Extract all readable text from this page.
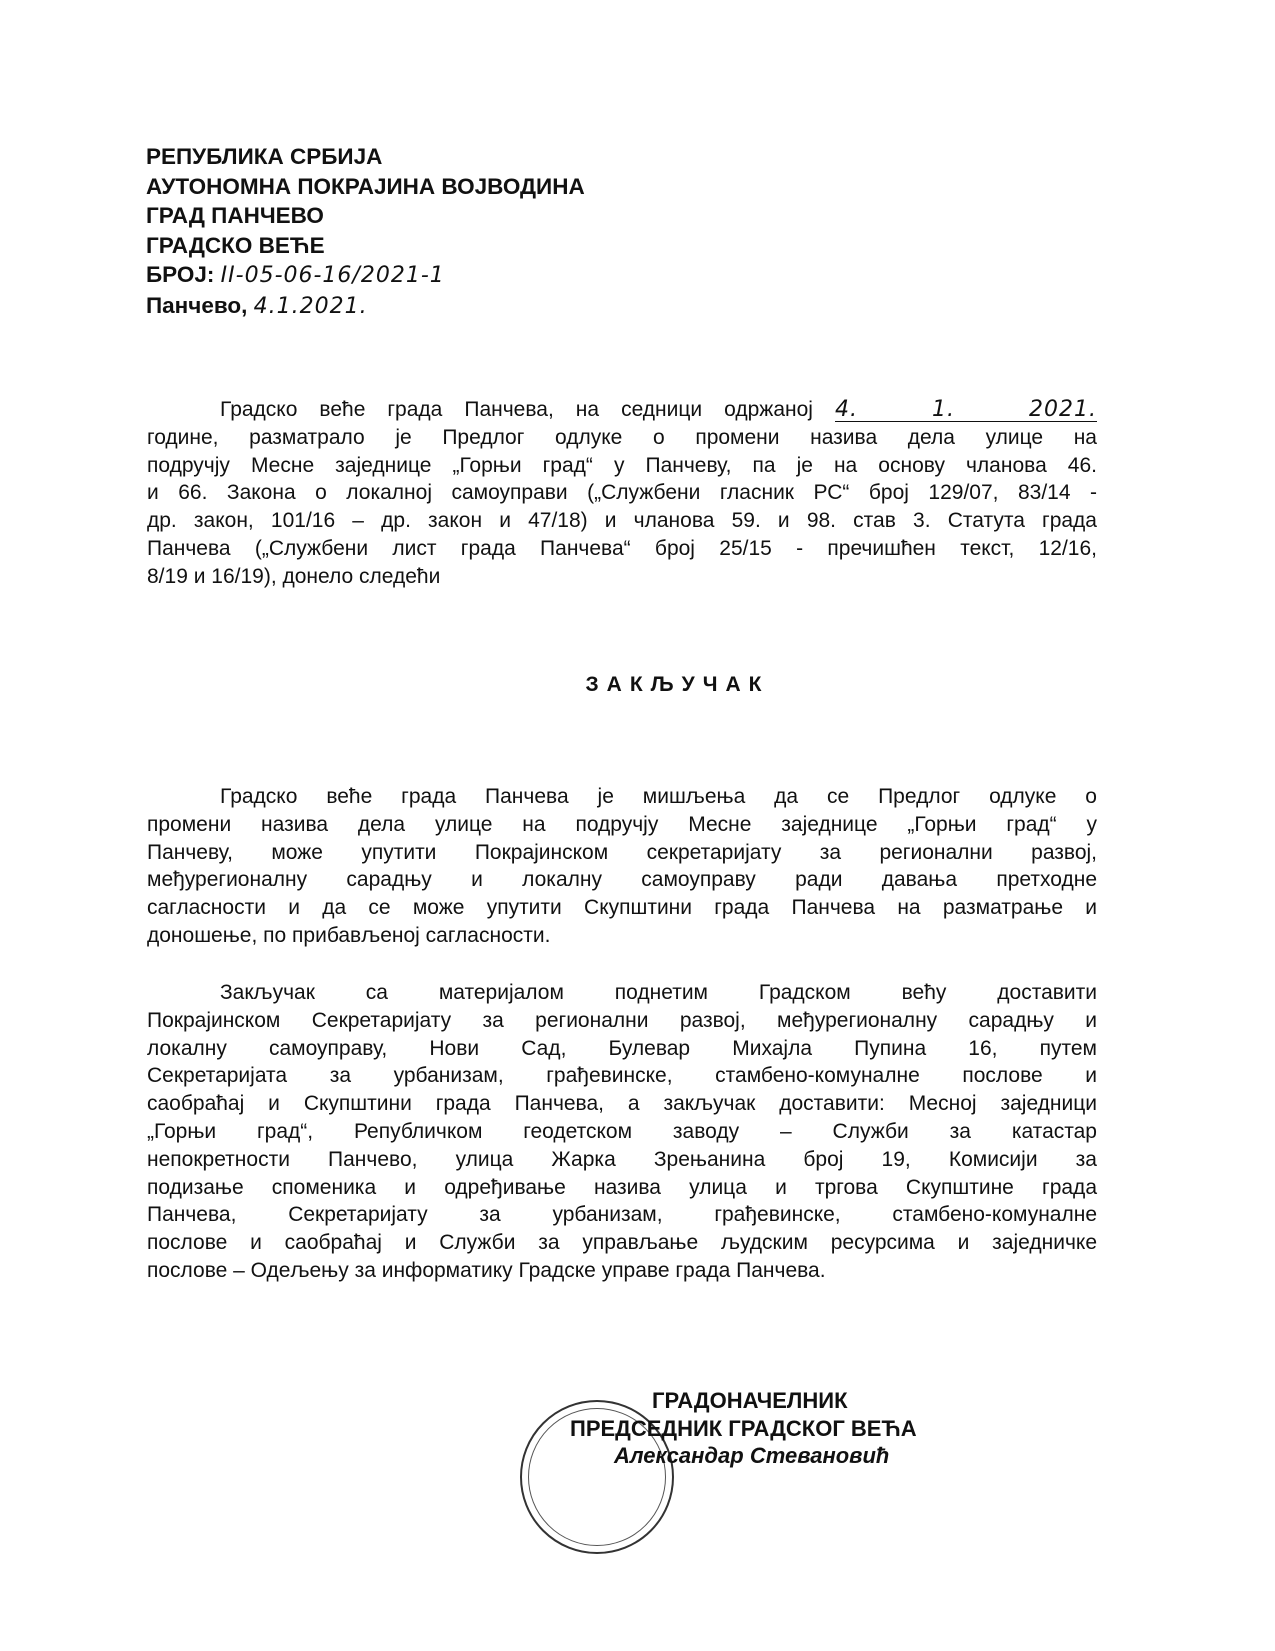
РЕПУБЛИКА СРБИЈА
АУТОНОМНА ПОКРАЈИНА ВОЈВОДИНА
ГРАД ПАНЧЕВО
ГРАДСКО ВЕЋЕ
БРОЈ: II-05-06-16/2021-1
Панчево, 4.1.2021.
Градско веће града Панчева, на седници одржаној 4. 1. 2021.
године, разматрало је Предлог одлуке о промени назива дела улице на
подручју Месне заједнице „Горњи град“ у Панчеву, па је на основу чланова 46.
и 66. Закона о локалној самоуправи („Службени гласник РС“ број 129/07, 83/14 -
др. закон, 101/16 – др. закон и 47/18) и чланова 59. и 98. став 3. Статута града
Панчева („Службени лист града Панчева“ број 25/15 - пречишћен текст, 12/16,
8/19 и 16/19), донело следећи
ЗАКЉУЧАК
Градско веће града Панчева је мишљења да се Предлог одлуке о
промени назива дела улице на подручју Месне заједнице „Горњи град“ у
Панчеву, може упутити Покрајинском секретаријату за регионални развој,
међурегионалну сарадњу и локалну самоуправу ради давања претходне
сагласности и да се може упутити Скупштини града Панчева на разматрање и
доношење, по прибављеној сагласности.
Закључак са материјалом поднетим Градском већу доставити
Покрајинском Секретаријату за регионални развој, међурегионалну сарадњу и
локалну самоуправу, Нови Сад, Булевар Михајла Пупина 16, путем
Секретаријата за урбанизам, грађевинске, стамбено-комуналне послове и
саобраћај и Скупштини града Панчева, а закључак доставити: Месној заједници
„Горњи град“, Републичком геодетском заводу – Служби за катастар
непокретности Панчево, улица Жарка Зрењанина број 19, Комисији за
подизање споменика и одређивање назива улица и тргова Скупштине града
Панчева, Секретаријату за урбанизам, грађевинске, стамбено-комуналне
послове и саобраћај и Служби за управљање људским ресурсима и заједничке
послове – Одељењу за информатику Градске управе града Панчева.
ГРАДОНАЧЕЛНИК
ПРЕДСЕДНИК ГРАДСКОГ ВЕЋА
Александар Стевановић
